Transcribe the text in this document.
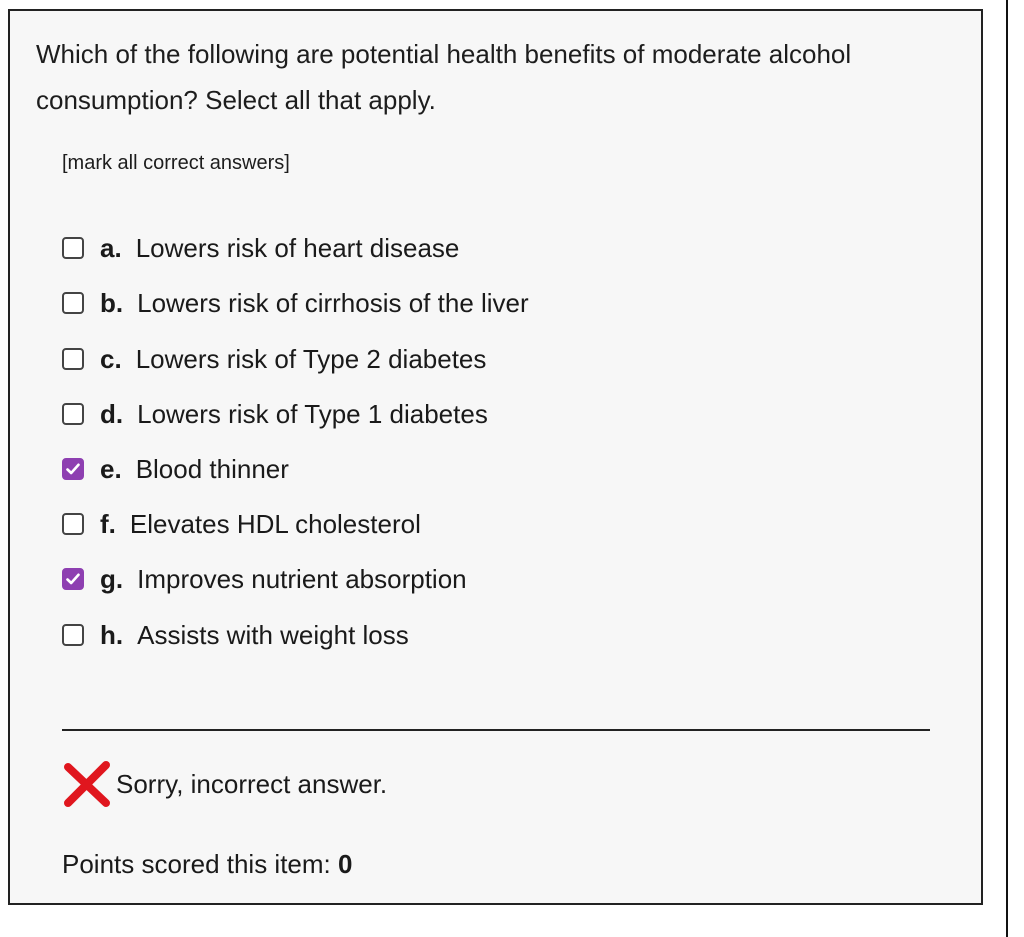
Which of the following are potential health benefits of moderate alcohol consumption? Select all that apply.
[mark all correct answers]
a. Lowers risk of heart disease
b. Lowers risk of cirrhosis of the liver
c. Lowers risk of Type 2 diabetes
d. Lowers risk of Type 1 diabetes
e. Blood thinner
f. Elevates HDL cholesterol
g. Improves nutrient absorption
h. Assists with weight loss
Sorry, incorrect answer.
Points scored this item: 0
